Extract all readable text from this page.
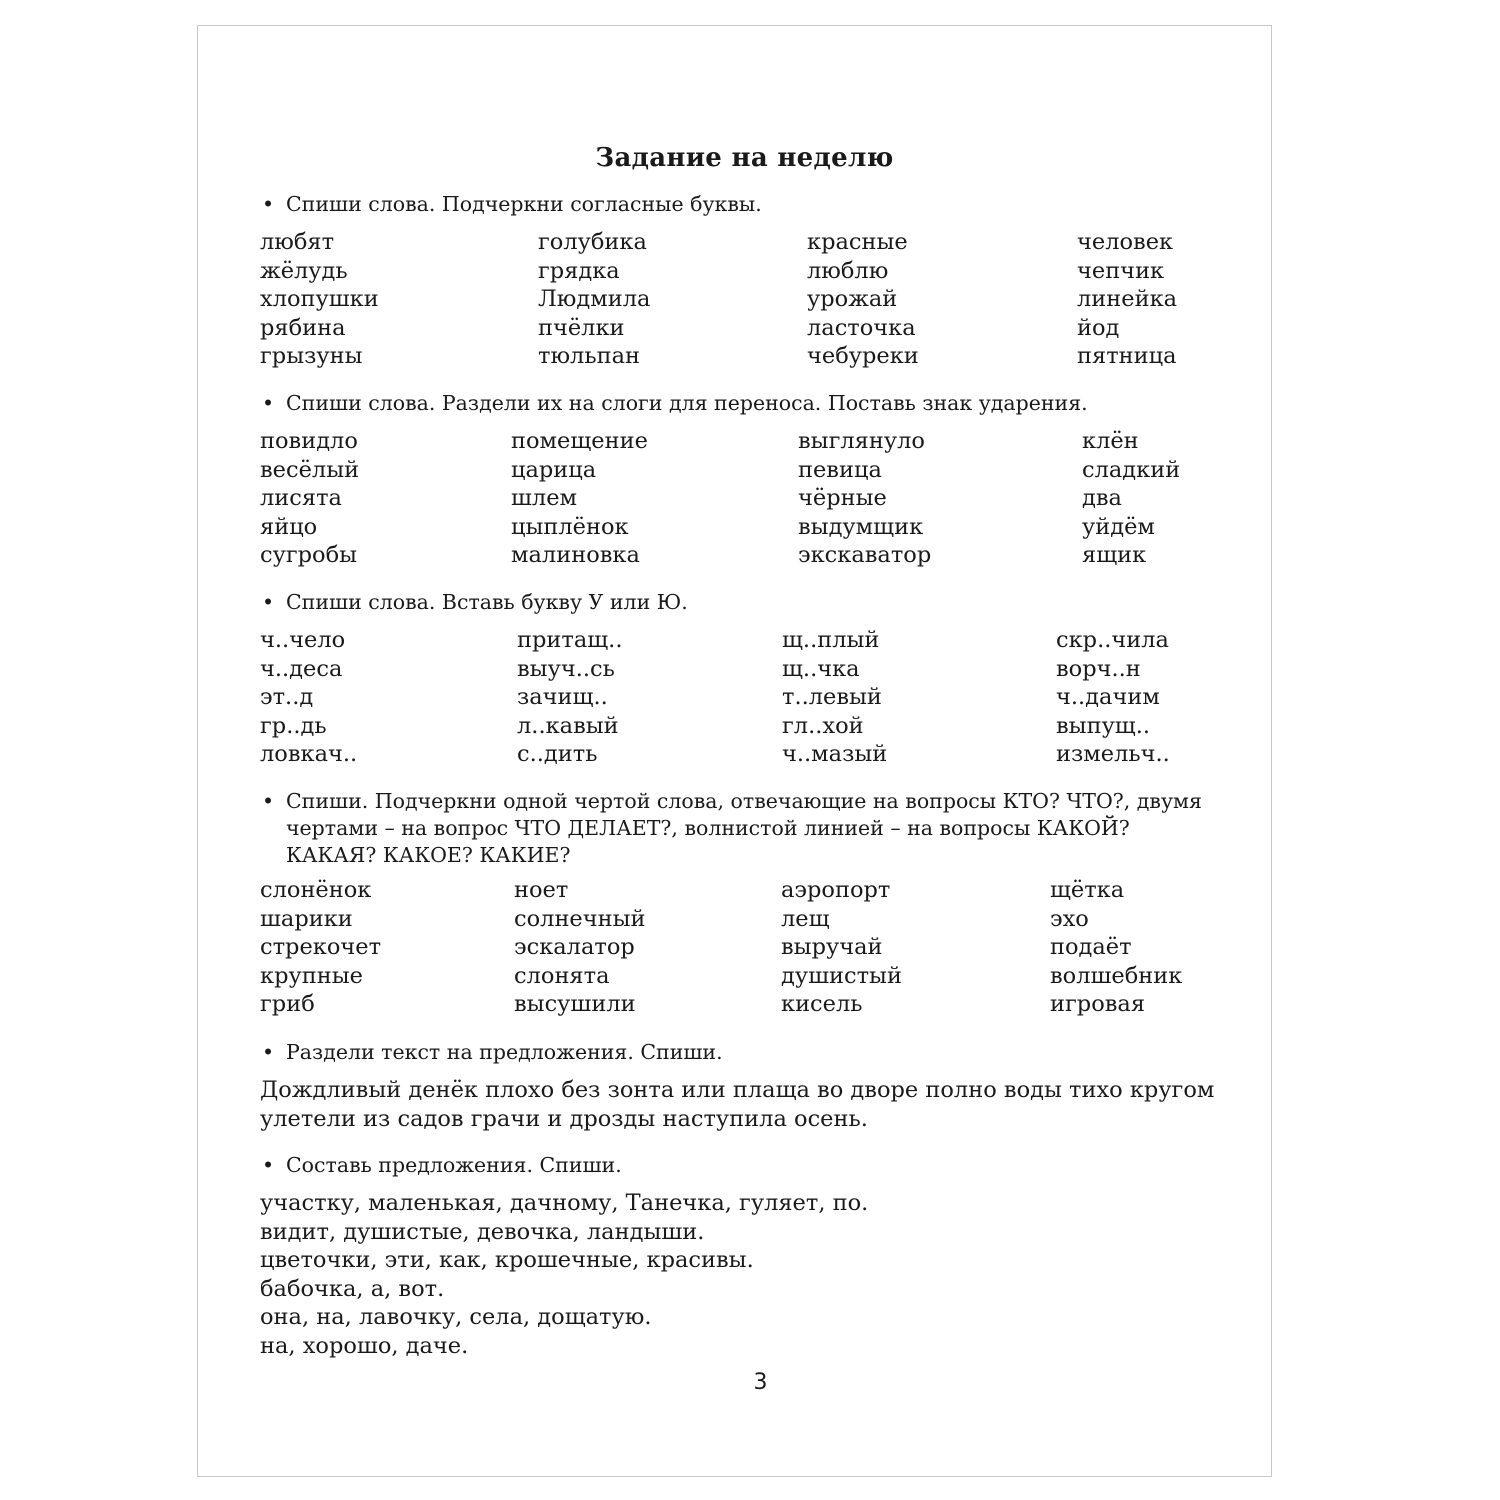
Задание на неделю
• Спиши слова. Подчеркни согласные буквы.
любят
жёлудь
хлопушки
рябина
грызуны
голубика
грядка
Людмила
пчёлки
тюльпан
красные
люблю
урожай
ласточка
чебуреки
человек
чепчик
линейка
йод
пятница
• Спиши слова. Раздели их на слоги для переноса. Поставь знак ударения.
повидло
весёлый
лисята
яйцо
сугробы
помещение
царица
шлем
цыплёнок
малиновка
выглянуло
певица
чёрные
выдумщик
экскаватор
клён
сладкий
два
уйдём
ящик
• Спиши слова. Вставь букву У или Ю.
ч..чело
ч..деса
эт..д
гр..дь
ловкач..
притащ..
выуч..сь
зачищ..
л..кавый
с..дить
щ..плый
щ..чка
т..левый
гл..хой
ч..мазый
скр..чила
ворч..н
ч..дачим
выпущ..
измельч..
• Спиши. Подчеркни одной чертой слова, отвечающие на вопросы КТО? ЧТО?, двумя
чертами – на вопрос ЧТО ДЕЛАЕТ?, волнистой линией – на вопросы КАКОЙ?
КАКАЯ? КАКОЕ? КАКИЕ?
слонёнок
шарики
стрекочет
крупные
гриб
ноет
солнечный
эскалатор
слонята
высушили
аэропорт
лещ
выручай
душистый
кисель
щётка
эхо
подаёт
волшебник
игровая
• Раздели текст на предложения. Спиши.
Дождливый денёк плохо без зонта или плаща во дворе полно воды тихо кругом
улетели из садов грачи и дрозды наступила осень.
• Составь предложения. Спиши.
участку, маленькая, дачному, Танечка, гуляет, по.
видит, душистые, девочка, ландыши.
цветочки, эти, как, крошечные, красивы.
бабочка, а, вот.
она, на, лавочку, села, дощатую.
на, хорошо, даче.
3
